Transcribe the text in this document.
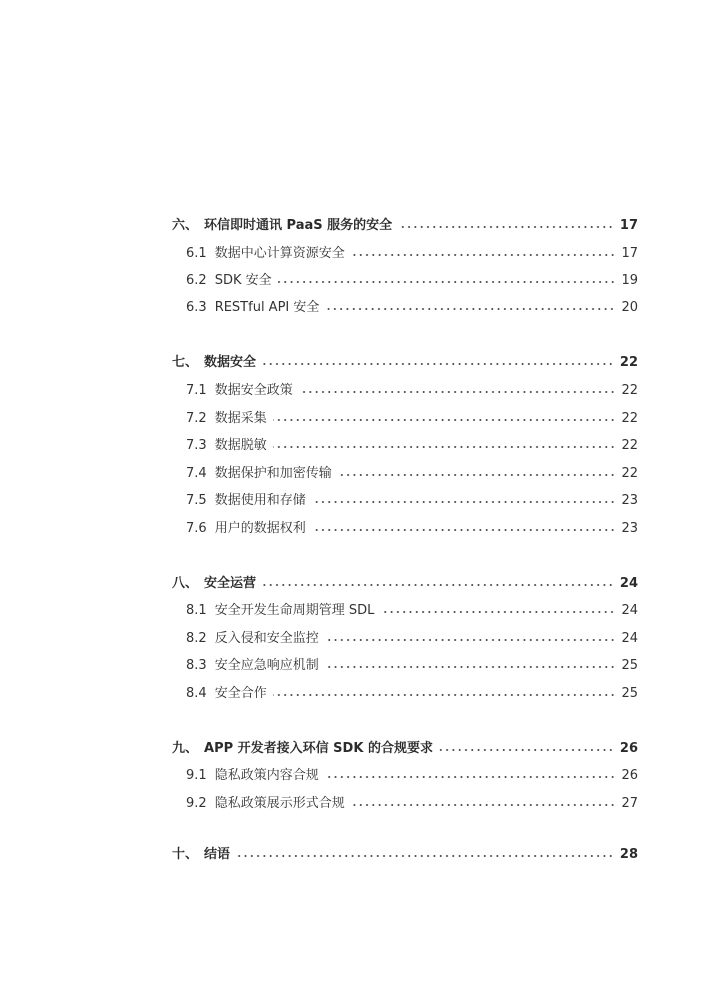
六、 环信即时通讯 PaaS 服务的安全	17
6.1 数据中心计算资源安全	17
6.2 SDK 安全	19
6.3 RESTful API 安全	20
七、 数据安全	22
7.1 数据安全政策	22
7.2 数据采集	22
7.3 数据脱敏	22
7.4 数据保护和加密传输	22
7.5 数据使用和存储	23
7.6 用户的数据权利	23
八、 安全运营	24
8.1 安全开发生命周期管理 SDL	24
8.2 反入侵和安全监控	24
8.3 安全应急响应机制	25
8.4 安全合作	25
九、 APP 开发者接入环信 SDK 的合规要求	26
9.1 隐私政策内容合规	26
9.2 隐私政策展示形式合规	27
十、 结语	28
